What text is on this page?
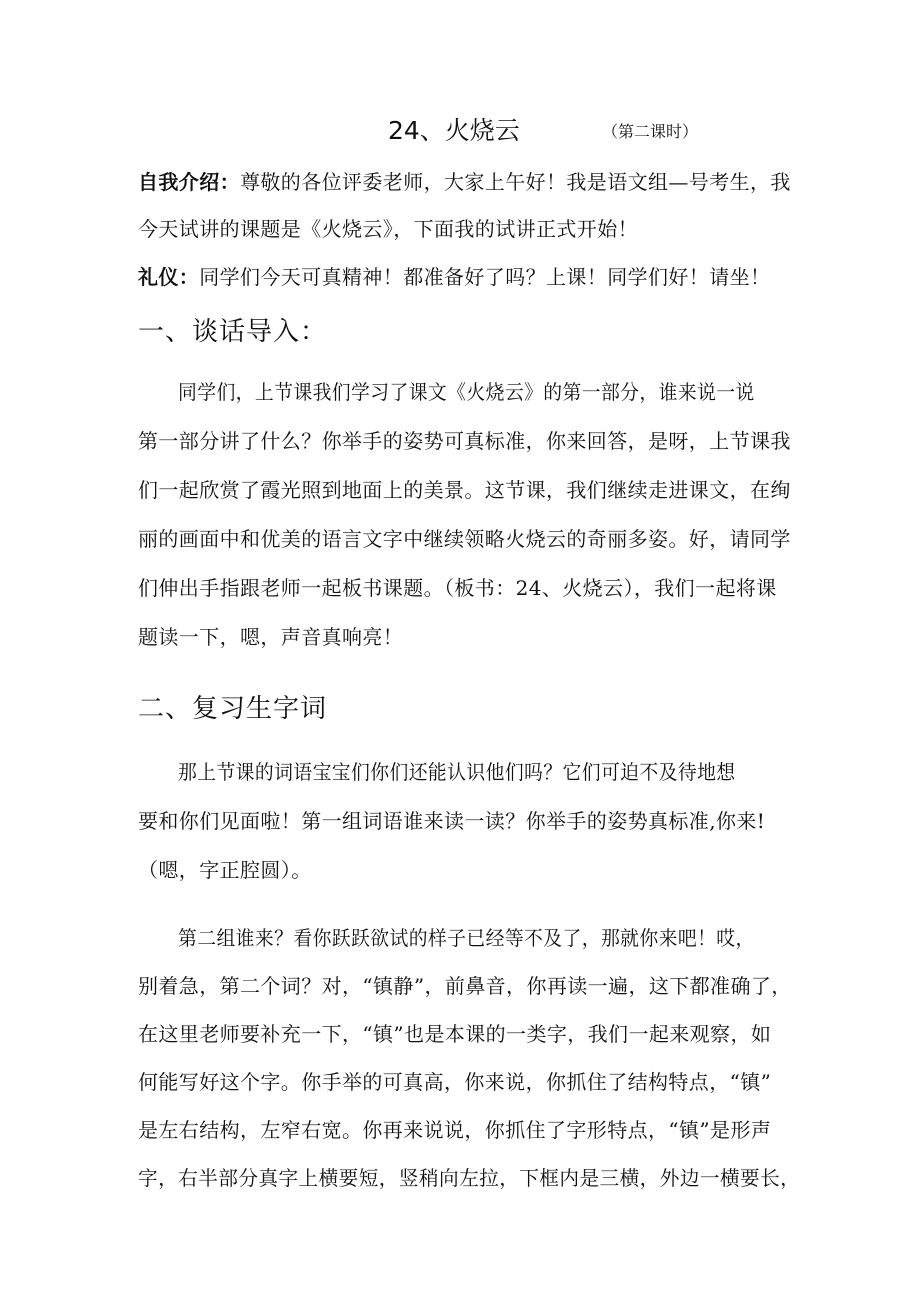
24、火烧云	（第二课时）
自我介绍：尊敬的各位评委老师，大家上午好！我是语文组—号考生，我
今天试讲的课题是《火烧云》，下面我的试讲正式开始！
礼仪：同学们今天可真精神！都准备好了吗？上课！同学们好！请坐！
一、谈话导入：
同学们，上节课我们学习了课文《火烧云》的第一部分，谁来说一说
第一部分讲了什么？你举手的姿势可真标准，你来回答，是呀，上节课我
们一起欣赏了霞光照到地面上的美景。这节课，我们继续走进课文，在绚
丽的画面中和优美的语言文字中继续领略火烧云的奇丽多姿。好，请同学
们伸出手指跟老师一起板书课题。（板书：24、火烧云），我们一起将课
题读一下，嗯，声音真响亮！
二、复习生字词
那上节课的词语宝宝们你们还能认识他们吗？它们可迫不及待地想
要和你们见面啦！第一组词语谁来读一读？你举手的姿势真标准,你来!
（嗯，字正腔圆）。
第二组谁来？看你跃跃欲试的样子已经等不及了，那就你来吧！哎，
别着急，第二个词？对，“镇静”，前鼻音，你再读一遍，这下都准确了，
在这里老师要补充一下，“镇”也是本课的一类字，我们一起来观察，如
何能写好这个字。你手举的可真高，你来说，你抓住了结构特点，“镇”
是左右结构，左窄右宽。你再来说说，你抓住了字形特点，“镇”是形声
字，右半部分真字上横要短，竖稍向左拉，下框内是三横，外边一横要长，
